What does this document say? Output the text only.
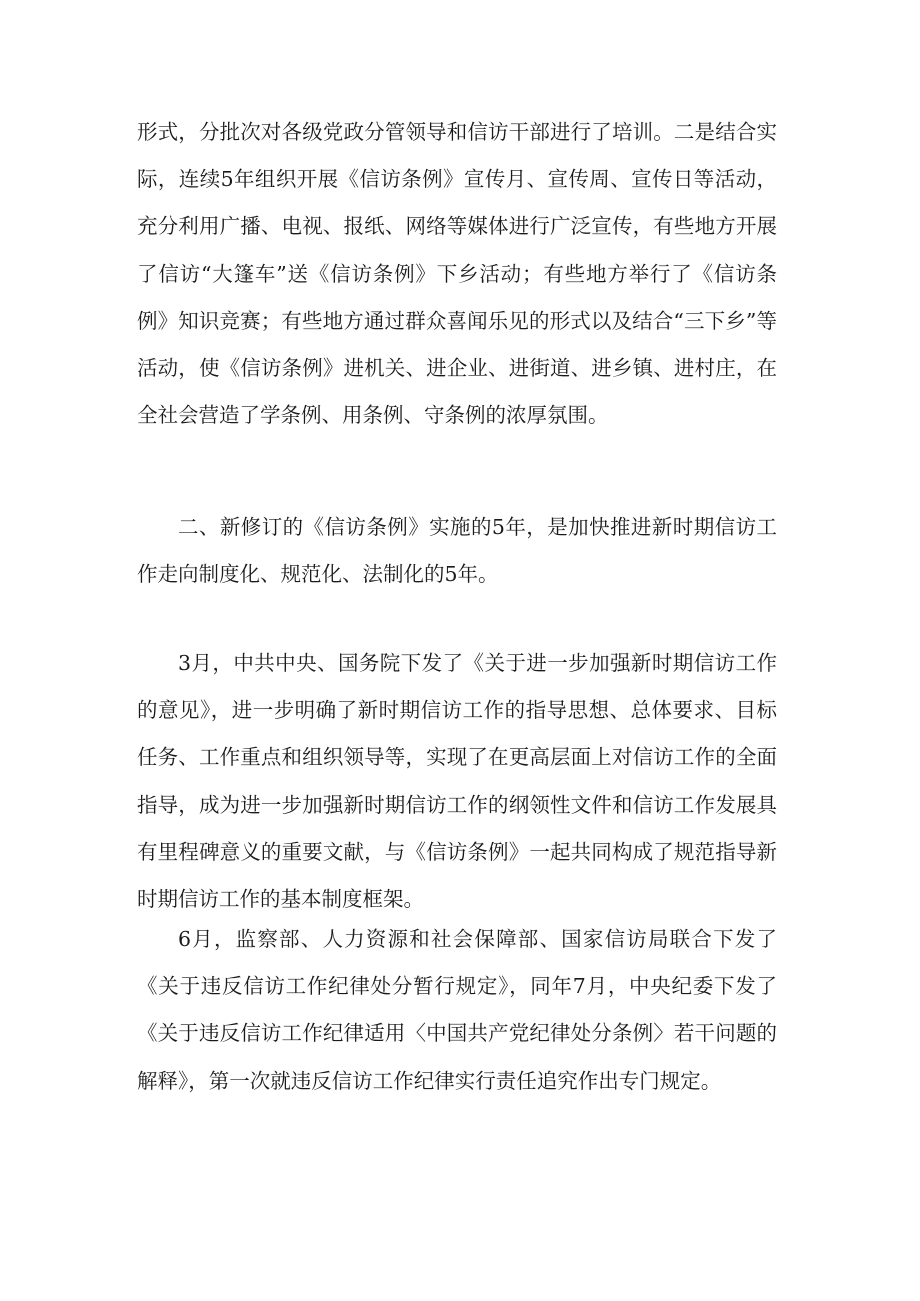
形式，分批次对各级党政分管领导和信访干部进行了培训。二是结合实际，连续5年组织开展《信访条例》宣传月、宣传周、宣传日等活动，充分利用广播、电视、报纸、网络等媒体进行广泛宣传，有些地方开展了信访“大篷车”送《信访条例》下乡活动；有些地方举行了《信访条例》知识竞赛；有些地方通过群众喜闻乐见的形式以及结合“三下乡”等活动，使《信访条例》进机关、进企业、进街道、进乡镇、进村庄，在全社会营造了学条例、用条例、守条例的浓厚氛围。

二、新修订的《信访条例》实施的5年，是加快推进新时期信访工作走向制度化、规范化、法制化的5年。

3月，中共中央、国务院下发了《关于进一步加强新时期信访工作的意见》，进一步明确了新时期信访工作的指导思想、总体要求、目标任务、工作重点和组织领导等，实现了在更高层面上对信访工作的全面指导，成为进一步加强新时期信访工作的纲领性文件和信访工作发展具有里程碑意义的重要文献，与《信访条例》一起共同构成了规范指导新时期信访工作的基本制度框架。

6月，监察部、人力资源和社会保障部、国家信访局联合下发了《关于违反信访工作纪律处分暂行规定》，同年7月，中央纪委下发了《关于违反信访工作纪律适用〈中国共产党纪律处分条例〉若干问题的解释》，第一次就违反信访工作纪律实行责任追究作出专门规定。
